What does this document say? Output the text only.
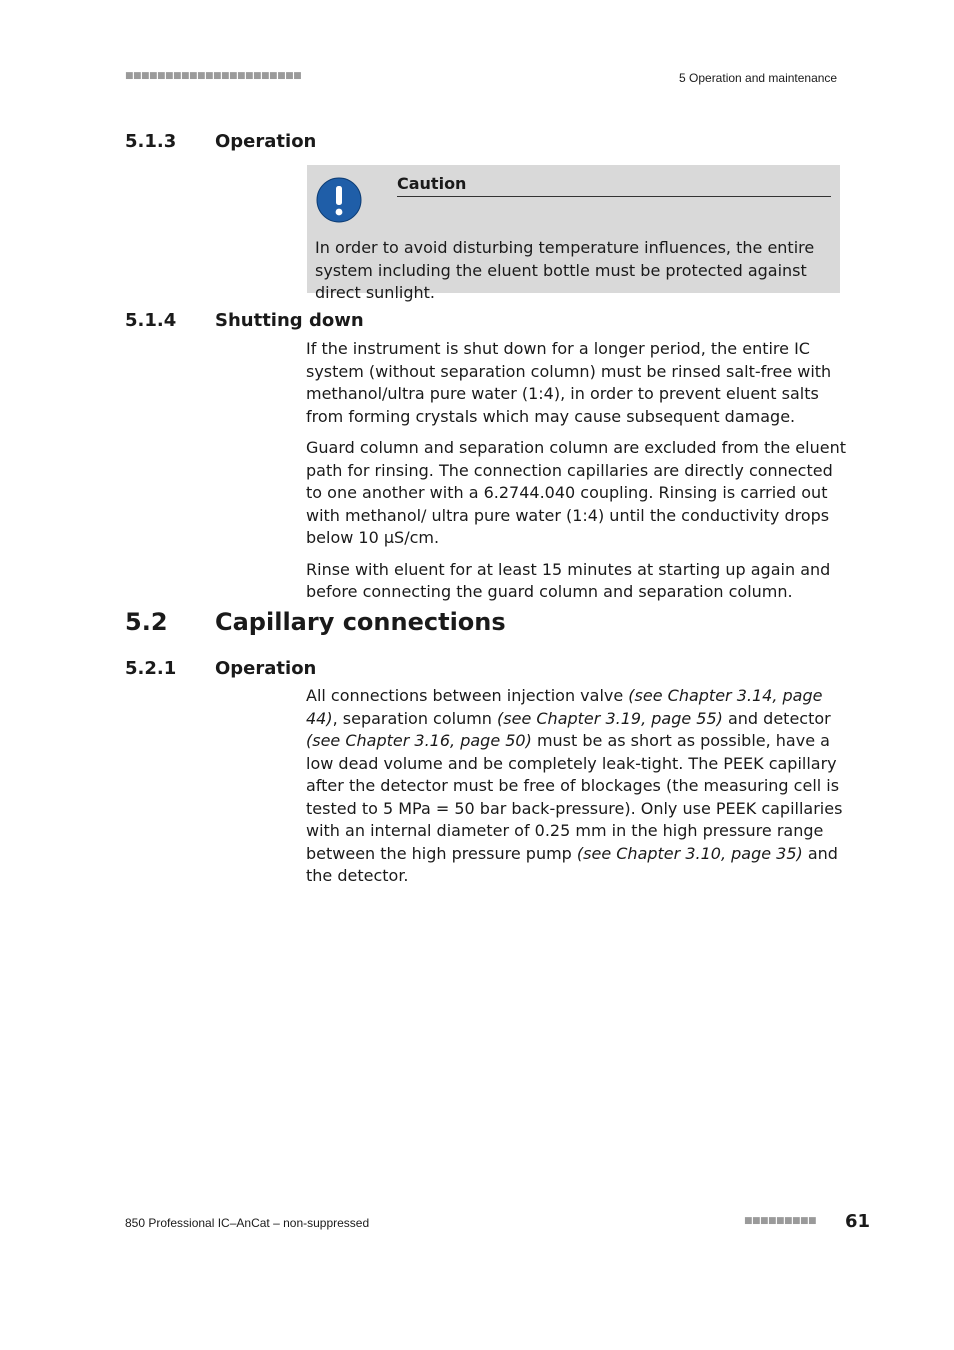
■■■■■■■■■■■■■■■■■■■■■■	5 Operation and maintenance
5.1.3 Operation
Caution
In order to avoid disturbing temperature influences, the entire system including the eluent bottle must be protected against direct sunlight.
5.1.4 Shutting down

If the instrument is shut down for a longer period, the entire IC system (without separation column) must be rinsed salt-free with methanol/ultra pure water (1:4), in order to prevent eluent salts from forming crystals which may cause subsequent damage.

Guard column and separation column are excluded from the eluent path for rinsing. The connection capillaries are directly connected to one another with a 6.2744.040 coupling. Rinsing is carried out with methanol/ ultra pure water (1:4) until the conductivity drops below 10 µS/cm.

Rinse with eluent for at least 15 minutes at starting up again and before connecting the guard column and separation column.

5.2 Capillary connections
5.2.1 Operation

All connections between injection valve (see Chapter 3.14, page 44), separation column (see Chapter 3.19, page 55) and detector (see Chapter 3.16, page 50) must be as short as possible, have a low dead volume and be completely leak-tight. The PEEK capillary after the detector must be free of blockages (the measuring cell is tested to 5 MPa = 50 bar back-pressure). Only use PEEK capillaries with an internal diameter of 0.25 mm in the high pressure range between the high pressure pump (see Chapter 3.10, page 35) and the detector.

850 Professional IC–AnCat – non-suppressed	■■■■■■■■■ 61
